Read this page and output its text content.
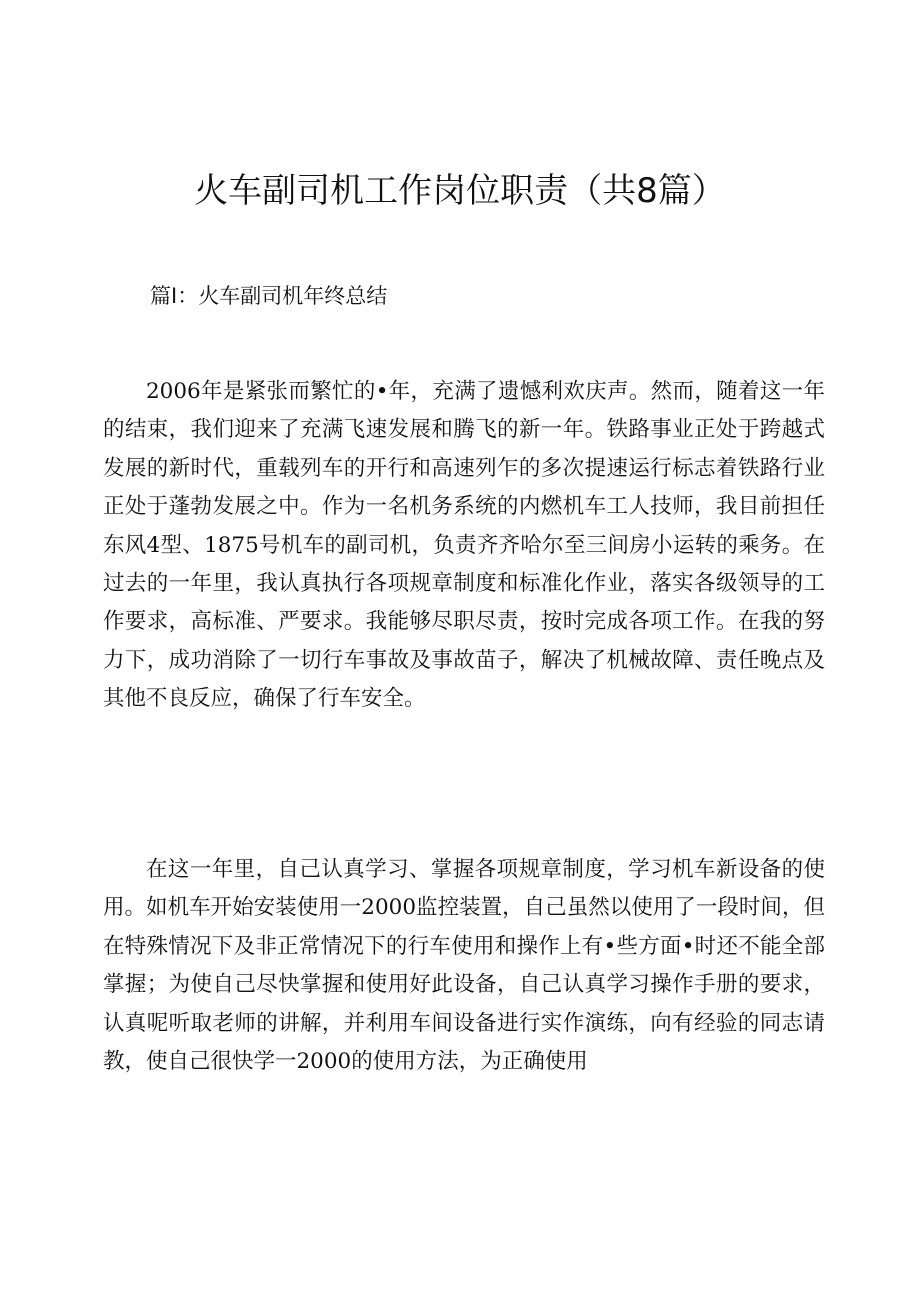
火车副司机工作岗位职责（共8篇）
篇Ⅰ：火车副司机年终总结

2006年是紧张而繁忙的•年，充满了遗憾利欢庆声。然而，随着这一年的结束，我们迎来了充满飞速发展和腾飞的新一年。铁路事业正处于跨越式发展的新时代，重载列车的开行和高速列乍的多次提速运行标志着铁路行业正处于蓬勃发展之中。作为一名机务系统的内燃机车工人技师，我目前担任东风4型、1875号机车的副司机，负责齐齐哈尔至三间房小运转的乘务。在过去的一年里，我认真执行各项规章制度和标准化作业，落实各级领导的工作要求，高标准、严要求。我能够尽职尽责，按时完成各项工作。在我的努力下，成功消除了一切行车事故及事故苗子，解决了机械故障、责任晚点及其他不良反应，确保了行车安全。

在这一年里，自己认真学习、掌握各项规章制度，学习机车新设备的使用。如机车开始安装使用一2000监控装置，自己虽然以使用了一段时间，但在特殊情况下及非正常情况下的行车使用和操作上有•些方面•时还不能全部掌握；为使自己尽快掌握和使用好此设备，自己认真学习操作手册的要求，认真呢听取老师的讲解，并利用车间设备进行实作演练，向有经验的同志请教，使自己很快学一2000的使用方法，为正确使用
